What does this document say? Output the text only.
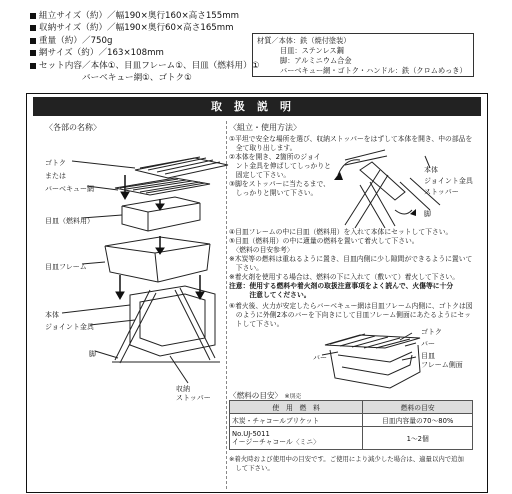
組立サイズ（約）／幅190×奥行160×高さ155mm
収納サイズ（約）／幅190×奥行60×高さ165mm
重量（約）／750g
網サイズ（約）／163×108mm
セット内容／本体①、目皿フレーム①、目皿（燃料用）①
バーベキュー網①、ゴトク①
材質／本体：鉄（焼付塗装）
目皿：ステンレス鋼
脚：アルミニウム合金
バーベキュー網・ゴトク・ハンドル：鉄（クロムめっき）
取扱説明
〈各部の名称〉
ゴトク
または
バーベキュー網
目皿（燃料用）
目皿フレーム
本体
ジョイント金具
脚
収納
ストッパー
〈組立・使用方法〉
①平坦で安全な場所を選び、収納ストッパーをはずして本体を開き、中の部品を
　全て取り出します。
②本体を開き、2箇所のジョイ
　ント金具を伸ばしてしっかりと
　固定して下さい。
③脚をストッパーに当たるまで、
　しっかりと開いて下さい。
本体
ジョイント金具
ストッパー
脚
④目皿フレームの中に目皿（燃料用）を入れて本体にセットして下さい。
⑤目皿（燃料用）の中に適量の燃料を置いて着火して下さい。
　〈燃料の目安参考〉
※木炭等の燃料は重ねるように置き、目皿内側に少し隙間ができるように置いて
　下さい。
※着火剤を使用する場合は、燃料の下に入れて（敷いて）着火して下さい。
注意：使用する燃料や着火剤の取扱注意事項をよく読んで、火傷等に十分
　　　注意してください。
⑥着火後、火力が安定したらバーベキュー網は目皿フレーム内側に、ゴトクは図
　のように外側2本のバーを下向きにして目皿フレーム側面にあたるようにセッ
　トして下さい。
バー
ゴトク
バー
目皿
フレーム側面
〈燃料の目安〉 ※別売
使　用　燃　料	燃料の目安
木炭・チャコールブリケット	目皿内容量の70〜80%
No.UJ-5011
イージーチャコール〈ミニ〉	1〜2個
※着火時および使用中の目安です。ご使用により減少した場合は、適量以内で追加
　して下さい。
